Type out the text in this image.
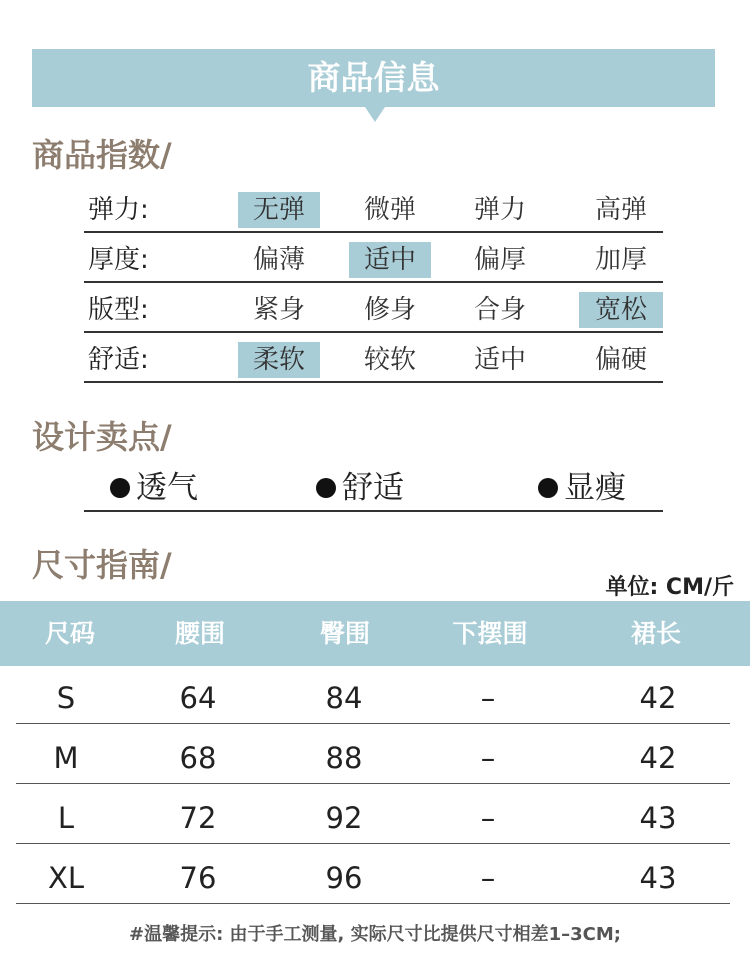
商品信息
商品指数/
弹力:	无弹	微弹	弹力	高弹
厚度:	偏薄	适中	偏厚	加厚
版型:	紧身	修身	合身	宽松
舒适:	柔软	较软	适中	偏硬
设计卖点/
透气	舒适	显瘦
尺寸指南/
单位: CM/斤
尺码	腰围	臀围	下摆围	裙长
S	64	84	–	42
M	68	88	–	42
L	72	92	–	43
XL	76	96	–	43
#温馨提示: 由于手工测量, 实际尺寸比提供尺寸相差1–3CM;
